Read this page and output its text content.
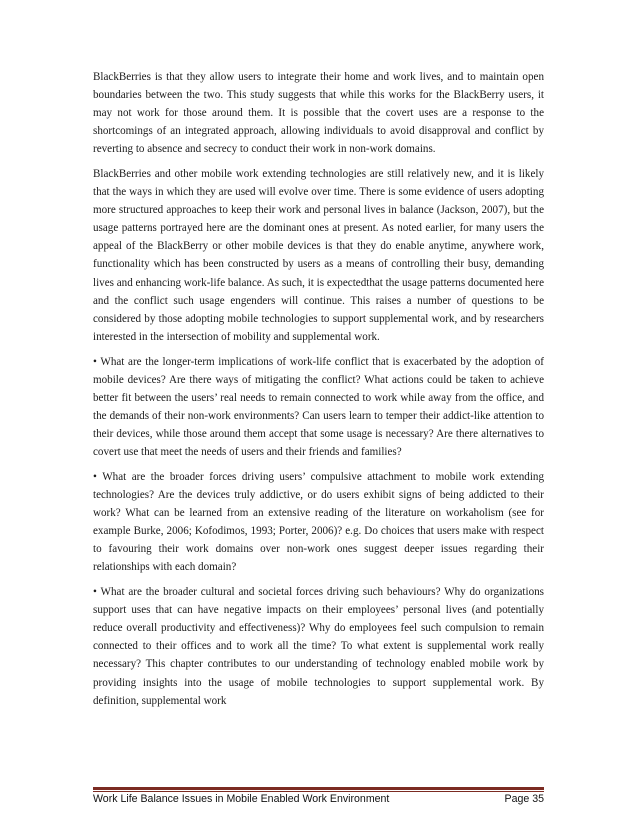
BlackBerries is that they allow users to integrate their home and work lives, and to maintain open boundaries between the two. This study suggests that while this works for the BlackBerry users, it may not work for those around them. It is possible that the covert uses are a response to the shortcomings of an integrated approach, allowing individuals to avoid disapproval and conflict by reverting to absence and secrecy to conduct their work in non-work domains.

BlackBerries and other mobile work extending technologies are still relatively new, and it is likely that the ways in which they are used will evolve over time. There is some evidence of users adopting more structured approaches to keep their work and personal lives in balance (Jackson, 2007), but the usage patterns portrayed here are the dominant ones at present. As noted earlier, for many users the appeal of the BlackBerry or other mobile devices is that they do enable anytime, anywhere work, functionality which has been constructed by users as a means of controlling their busy, demanding lives and enhancing work-life balance. As such, it is expectedthat the usage patterns documented here and the conflict such usage engenders will continue. This raises a number of questions to be considered by those adopting mobile technologies to support supplemental work, and by researchers interested in the intersection of mobility and supplemental work.

• What are the longer-term implications of work-life conflict that is exacerbated by the adoption of mobile devices? Are there ways of mitigating the conflict? What actions could be taken to achieve better fit between the users’ real needs to remain connected to work while away from the office, and the demands of their non-work environments? Can users learn to temper their addict-like attention to their devices, while those around them accept that some usage is necessary? Are there alternatives to covert use that meet the needs of users and their friends and families?

• What are the broader forces driving users’ compulsive attachment to mobile work extending technologies? Are the devices truly addictive, or do users exhibit signs of being addicted to their work? What can be learned from an extensive reading of the literature on workaholism (see for example Burke, 2006; Kofodimos, 1993; Porter, 2006)? e.g. Do choices that users make with respect to favouring their work domains over non-work ones suggest deeper issues regarding their relationships with each domain?

• What are the broader cultural and societal forces driving such behaviours? Why do organizations support uses that can have negative impacts on their employees’ personal lives (and potentially reduce overall productivity and effectiveness)? Why do employees feel such compulsion to remain connected to their offices and to work all the time? To what extent is supplemental work really necessary? This chapter contributes to our understanding of technology enabled mobile work by providing insights into the usage of mobile technologies to support supplemental work. By definition, supplemental work

Work Life Balance Issues in Mobile Enabled Work Environment	Page 35
